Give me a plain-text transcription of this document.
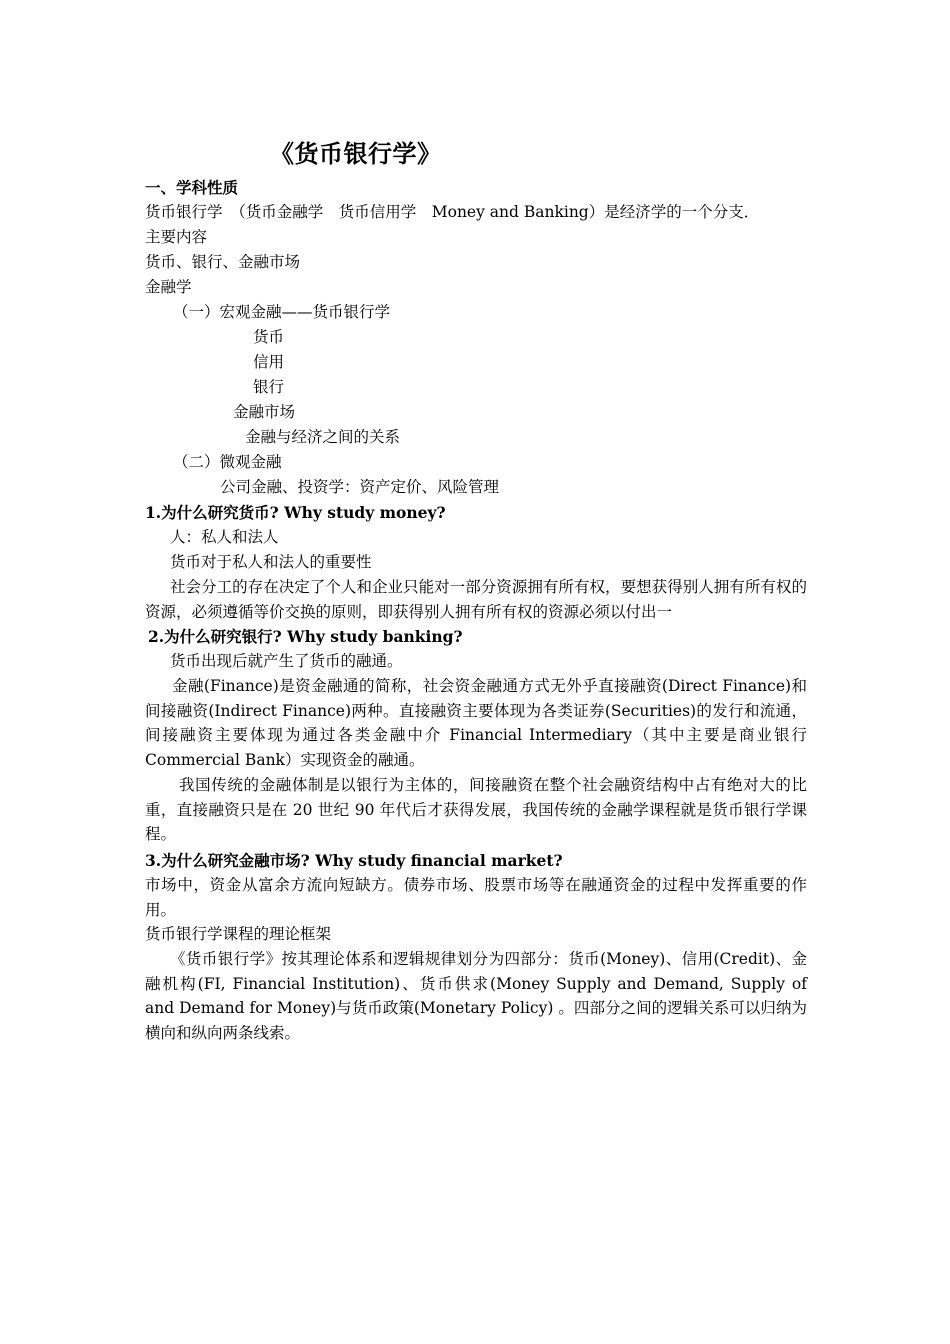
《货币银行学》
一、学科性质
货币银行学　（货币金融学　货币信用学　Money and Banking）是经济学的一个分支．
主要内容
货币、银行、金融市场
金融学
（一）宏观金融——货币银行学
货币
信用
银行
金融市场
金融与经济之间的关系
（二）微观金融
公司金融、投资学：资产定价、风险管理
1.为什么研究货币? Why study money?
人：私人和法人
货币对于私人和法人的重要性
社会分工的存在决定了个人和企业只能对一部分资源拥有所有权，要想获得别人拥有所有权的资源，必须遵循等价交换的原则，即获得别人拥有所有权的资源必须以付出一
2.为什么研究银行? Why study banking?
货币出现后就产生了货币的融通。
金融(Finance)是资金融通的简称，社会资金融通方式无外乎直接融资(Direct Finance)和间接融资(Indirect Finance)两种。直接融资主要体现为各类证券(Securities)的发行和流通，间接融资主要体现为通过各类金融中介 Financial Intermediary（其中主要是商业银行 Commercial Bank）实现资金的融通。
我国传统的金融体制是以银行为主体的，间接融资在整个社会融资结构中占有绝对大的比重，直接融资只是在 20 世纪 90 年代后才获得发展，我国传统的金融学课程就是货币银行学课程。
3.为什么研究金融市场? Why study financial market?
市场中，资金从富余方流向短缺方。债券市场、股票市场等在融通资金的过程中发挥重要的作用。
货币银行学课程的理论框架
《货币银行学》按其理论体系和逻辑规律划分为四部分：货币(Money)、信用(Credit)、金融机构(FI, Financial Institution)、货币供求(Money Supply and Demand, Supply of and Demand for Money)与货币政策(Monetary Policy) 。四部分之间的逻辑关系可以归纳为横向和纵向两条线索。
